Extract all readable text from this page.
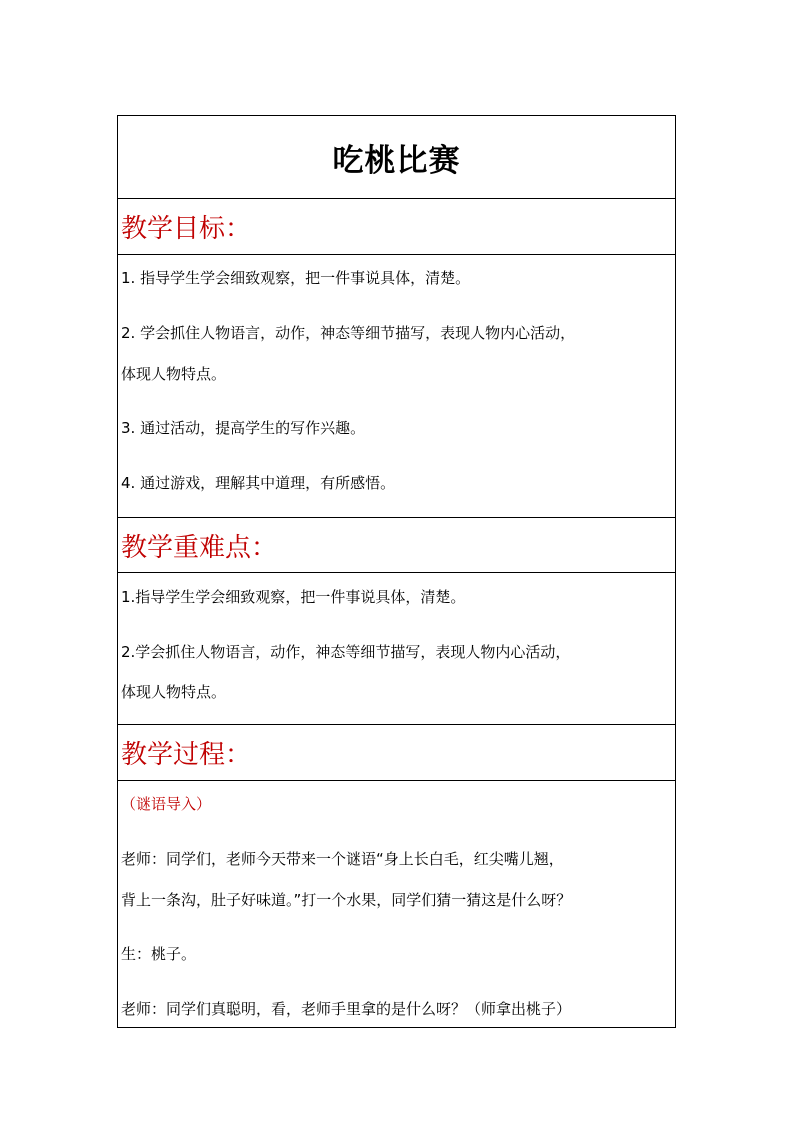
吃桃比赛
教学目标：
1. 指导学生学会细致观察，把一件事说具体，清楚。
2. 学会抓住人物语言，动作，神态等细节描写，表现人物内心活动，
体现人物特点。
3. 通过活动，提高学生的写作兴趣。
4. 通过游戏，理解其中道理，有所感悟。
教学重难点：
1.指导学生学会细致观察，把一件事说具体，清楚。
2.学会抓住人物语言，动作，神态等细节描写，表现人物内心活动，
体现人物特点。
教学过程：
（谜语导入）
老师：同学们，老师今天带来一个谜语“身上长白毛，红尖嘴儿翘，
背上一条沟，肚子好味道。”打一个水果，同学们猜一猜这是什么呀？
生：桃子。
老师：同学们真聪明，看，老师手里拿的是什么呀？（师拿出桃子）
